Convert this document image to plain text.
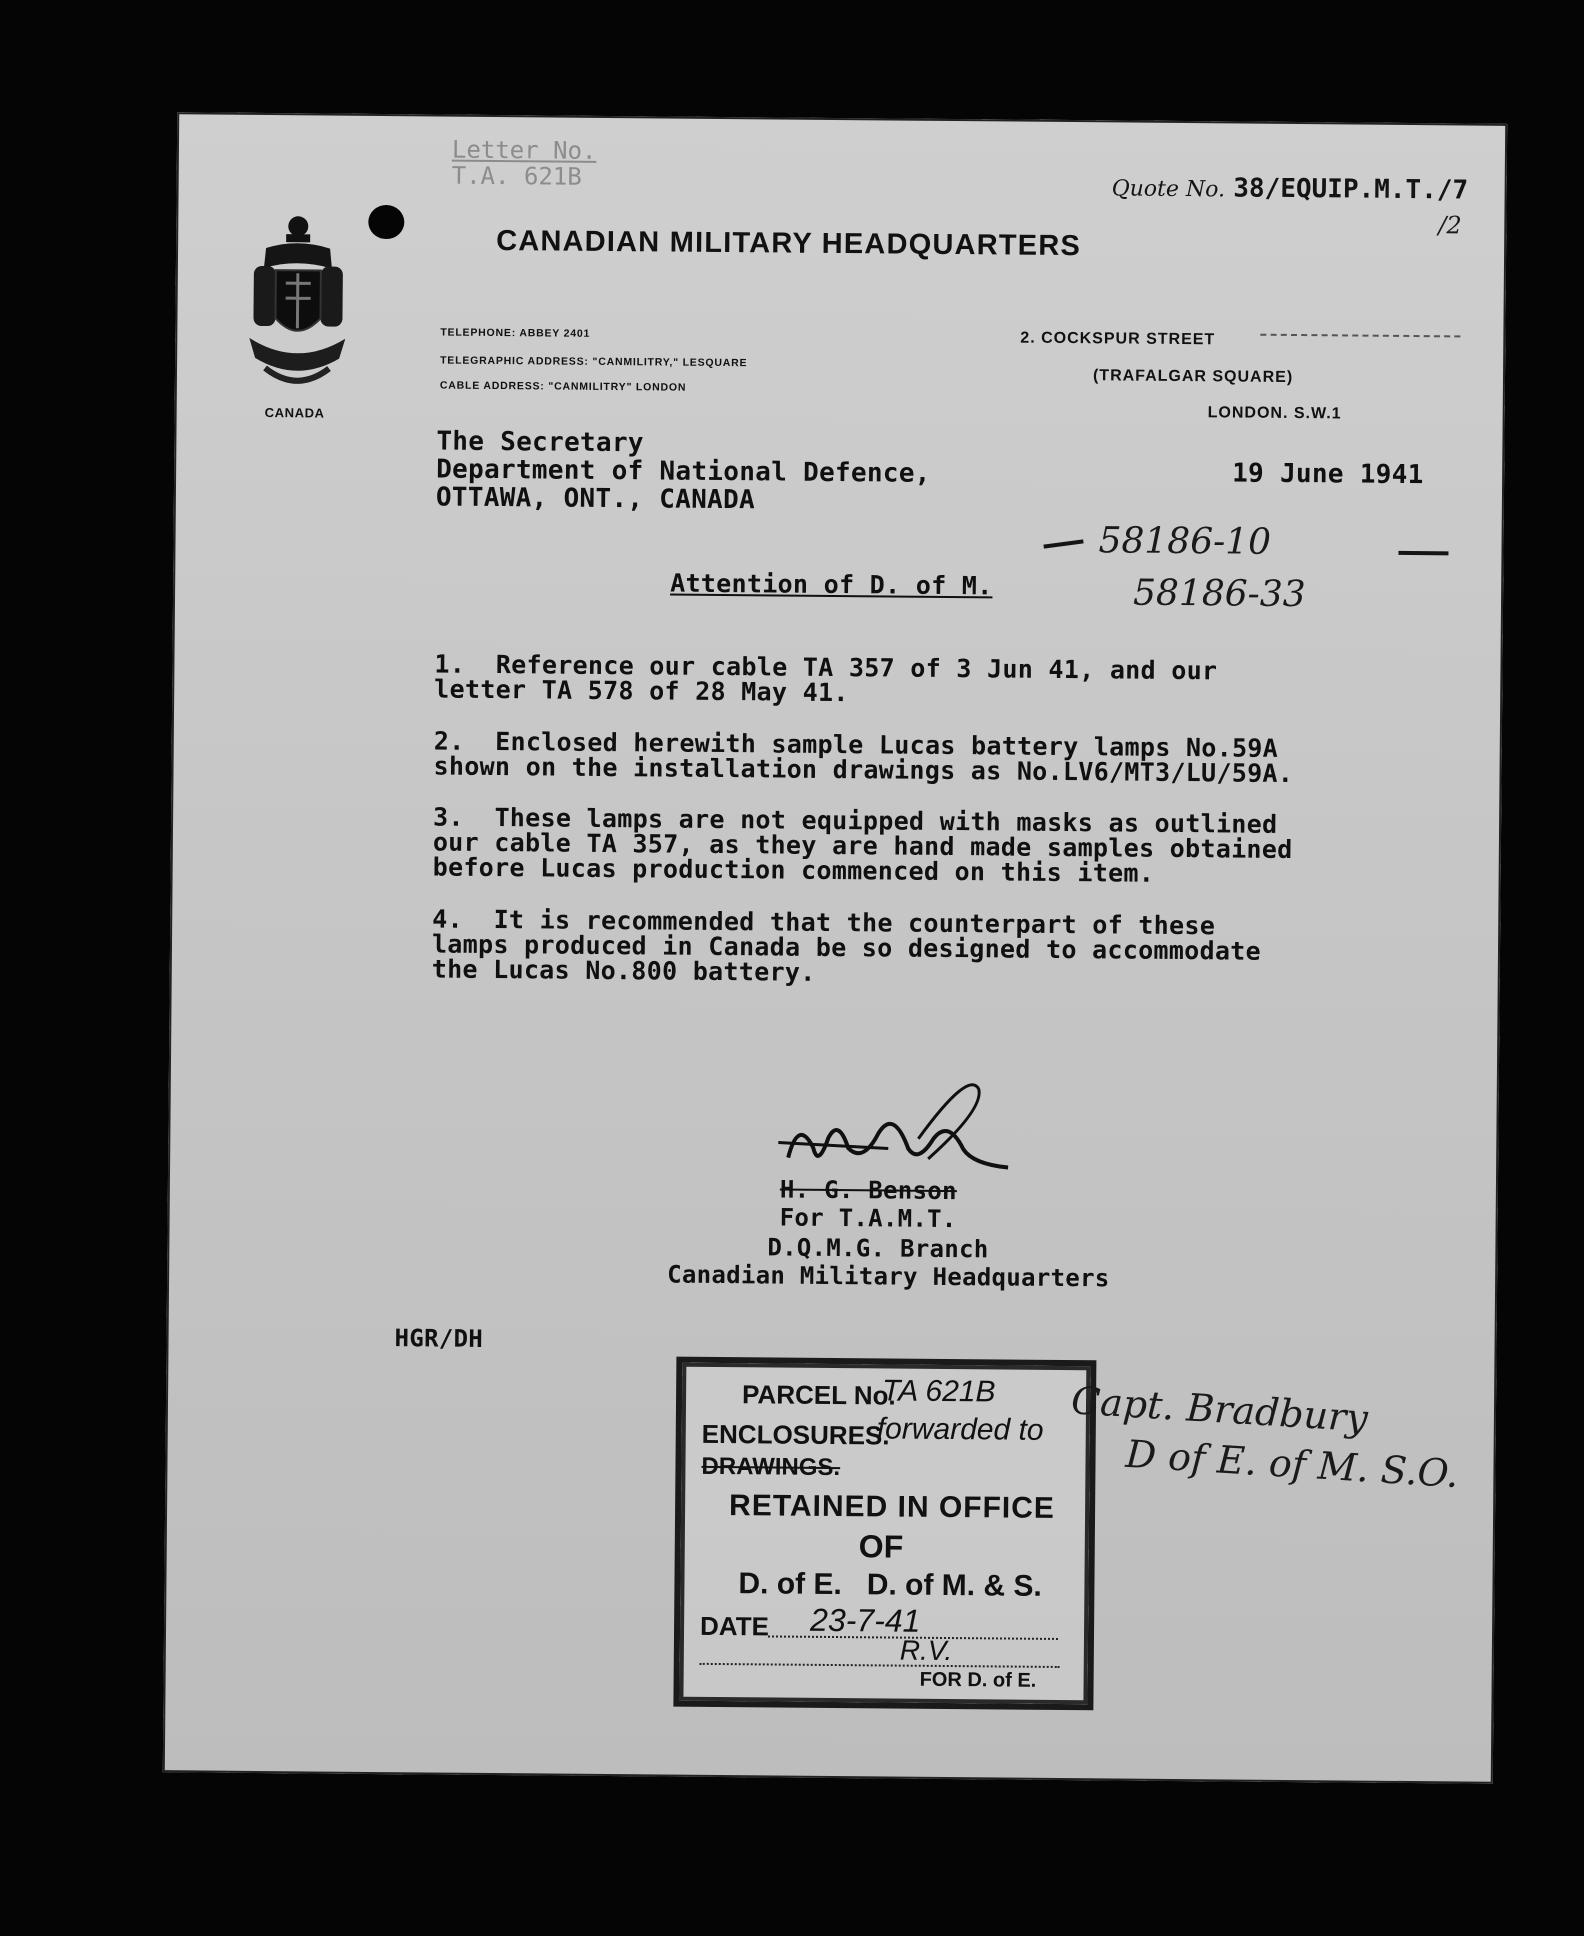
Letter No.
T.A. 621B	Quote No. 38/EQUIP.M.T./7
/2
CANADA
CANADIAN MILITARY HEADQUARTERS
TELEPHONE: ABBEY 2401
TELEGRAPHIC ADDRESS: "CANMILITRY," LESQUARE
CABLE ADDRESS: "CANMILITRY" LONDON
2. COCKSPUR STREET
(TRAFALGAR SQUARE)
LONDON. S.W.1
19 June 1941
The Secretary
Department of National Defence,
OTTAWA, ONT., CANADA
58186-10
58186-33
Attention of D. of M.
1.  Reference our cable TA 357 of 3 Jun 41, and our
letter TA 578 of 28 May 41.
2.  Enclosed herewith sample Lucas battery lamps No.59A
shown on the installation drawings as No.LV6/MT3/LU/59A.
3.  These lamps are not equipped with masks as outlined
our cable TA 357, as they are hand made samples obtained
before Lucas production commenced on this item.
4.  It is recommended that the counterpart of these
lamps produced in Canada be so designed to accommodate
the Lucas No.800 battery.
H. G. Benson
For T.A.M.T.
D.Q.M.G. Branch
Canadian Military Headquarters
HGR/DH
PARCEL No.
TA 621B
ENCLOSURES.
forwarded to
DRAWINGS.
RETAINED IN OFFICE
OF
D. of E.   D. of M. & S.
DATE 23-7-41
R.V.
FOR D. of E.
Capt. Bradbury
D of E. of M. S.O.
